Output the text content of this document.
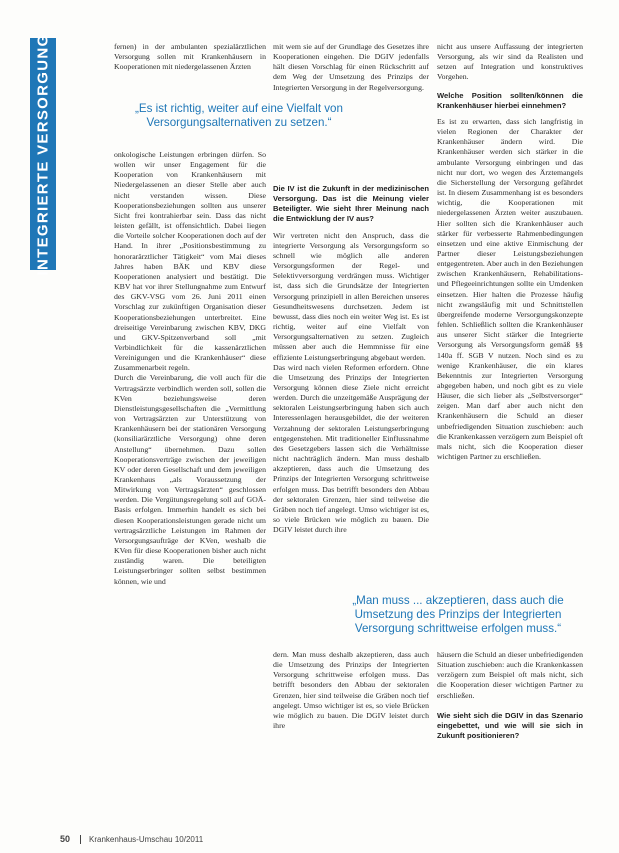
INTEGRIERTE VERSORGUNG	fernen) in der ambulanten spezialärztlichen Versorgung sollen mit Krankenhäusern in Kooperationen mit niedergelassenen Ärzten

„Es ist richtig, weiter auf eine Vielfalt von Versorgungsalternativen zu setzen.“

onkologische Leistungen erbringen dürfen. So wollen wir unser Engagement für die Kooperation von Krankenhäusern mit Niedergelassenen an dieser Stelle aber auch nicht verstanden wissen. Diese Kooperationsbeziehungen sollten aus unserer Sicht frei kontrahierbar sein. Dass das nicht leisten gefällt, ist offensichtlich. Dabei liegen die Vorteile solcher Kooperationen doch auf der Hand. In ihrer „Positionsbestimmung zu honorarärztlicher Tätigkeit“ vom Mai dieses Jahres haben BÄK und KBV diese Kooperationen analysiert und bestätigt. Die KBV hat vor ihrer Stellungnahme zum Entwurf des GKV-VSG vom 26. Juni 2011 einen Vorschlag zur zukünftigen Organisation dieser Kooperationsbeziehungen unterbreitet. Eine dreiseitige Vereinbarung zwischen KBV, DKG und GKV-Spitzenverband soll „mit Verbindlichkeit für die kassenärztlichen Vereinigungen und die Krankenhäuser“ diese Zusammenarbeit regeln.

Durch die Vereinbarung, die voll auch für die Vertragsärzte verbindlich werden soll, sollen die KVen beziehungsweise deren Dienstleistungsgesellschaften die „Vermittlung von Vertragsärzten zur Unterstützung von Krankenhäusern bei der stationären Versorgung (konsiliarärztliche Versorgung) ohne deren Anstellung“ übernehmen. Dazu sollen Kooperationsverträge zwischen der jeweiligen KV oder deren Gesellschaft und dem jeweiligen Krankenhaus „als Voraussetzung der Mitwirkung von Vertragsärzten“ geschlossen werden. Die Vergütungsregelung soll auf GOÄ-Basis erfolgen. Immerhin handelt es sich bei diesen Kooperationsleistungen gerade nicht um vertragsärztliche Leistungen im Rahmen der Versorgungsaufträge der KVen, weshalb die KVen für diese Kooperationen bisher auch nicht zuständig waren. Die beteiligten Leistungserbringer sollten selbst bestimmen können, wie und

mit wem sie auf der Grundlage des Gesetzes ihre Kooperationen eingehen. Die DGIV jedenfalls hält diesen Vorschlag für einen Rückschritt auf dem Weg der Umsetzung des Prinzips der Integrierten Versorgung in der Regelversorgung.

Die IV ist die Zukunft in der medizinischen Versorgung. Das ist die Meinung vieler Beteiligter. Wie sieht Ihrer Meinung nach die Entwicklung der IV aus?

Wir vertreten nicht den Anspruch, dass die integrierte Versorgung als Versorgungsform so schnell wie möglich alle anderen Versorgungsformen der Regel- und Selektivversorgung verdrängen muss. Wichtiger ist, dass sich die Grundsätze der Integrierten Versorgung prinzipiell in allen Bereichen unseres Gesundheitswesens durchsetzen. Jedem ist bewusst, dass dies noch ein weiter Weg ist. Es ist richtig, weiter auf eine Vielfalt von Versorgungsalternativen zu setzen. Zugleich müssen aber auch die Hemmnisse für eine effiziente Leistungserbringung abgebaut werden.

Das wird nach vielen Reformen erfordern. Ohne die Umsetzung des Prinzips der Integrierten Versorgung können diese Ziele nicht erreicht werden. Durch die unzeitgemäße Ausprägung der sektoralen Leistungserbringung haben sich auch Interessenlagen herausgebildet, die der weiteren Verzahnung der sektoralen Leistungserbringung entgegenstehen. Mit traditioneller Einflussnahme des Gesetzgebers lassen sich die Verhältnisse nicht nachträglich ändern. Man muss deshalb akzeptieren, dass auch die Umsetzung des Prinzips der Integrierten Versorgung schrittweise erfolgen muss. Das betrifft besonders den Abbau der sektoralen Grenzen, hier sind teilweise die Gräben noch tief angelegt. Umso wichtiger ist es, so viele Brücken wie möglich zu bauen. Die DGIV leistet durch ihre

dern. Man muss deshalb akzeptieren, dass auch die Umsetzung des Prinzips der Integrierten Versorgung schrittweise erfolgen muss. Das betrifft besonders den Abbau der sektoralen Grenzen, hier sind teilweise die Gräben noch tief angelegt. Umso wichtiger ist es, so viele Brücken wie möglich zu bauen. Die DGIV leistet durch ihre

„Man muss ... akzeptieren, dass auch die Umsetzung des Prinzips der Integrierten Versorgung schrittweise erfolgen muss.“

nicht aus unsere Auffassung der integrierten Versorgung, als wir sind da Realisten und setzen auf Integration und konstruktives Vorgehen.

Welche Position sollten/können die Krankenhäuser hierbei einnehmen?

Es ist zu erwarten, dass sich langfristig in vielen Regionen der Charakter der Krankenhäuser ändern wird. Die Krankenhäuser werden sich stärker in die ambulante Versorgung einbringen und das nicht nur dort, wo wegen des Ärztemangels die Sicherstellung der Versorgung gefährdet ist. In diesem Zusammenhang ist es besonders wichtig, die Kooperationen mit niedergelassenen Ärzten weiter auszubauen. Hier sollten sich die Krankenhäuser auch stärker für verbesserte Rahmenbedingungen einsetzen und eine aktive Einmischung der Partner dieser Leistungsbeziehungen entgegentreten. Aber auch in den Beziehungen zwischen Krankenhäusern, Rehabilitations- und Pflegeeinrichtungen sollte ein Umdenken einsetzen. Hier halten die Prozesse häufig nicht zwangsläufig mit und Schnittstellen übergreifende moderne Versorgungskonzepte fehlen. Schließlich sollten die Krankenhäuser aus unserer Sicht stärker die Integrierte Versorgung als Versorgungsform gemäß §§ 140a ff. SGB V nutzen. Noch sind es zu wenige Krankenhäuser, die ein klares Bekenntnis zur Integrierten Versorgung abgegeben haben, und noch gibt es zu viele Häuser, die sich lieber als „Selbstversorger“ zeigen. Man darf aber auch nicht den Krankenhäusern die Schuld an dieser unbefriedigenden Situation zuschieben: auch die Krankenkassen verzögern zum Beispiel oft mals nicht, sich die Kooperation dieser wichtigen Partner zu erschließen.

häusern die Schuld an dieser unbefriedigenden Situation zuschieben: auch die Krankenkassen verzögern zum Beispiel oft mals nicht, sich die Kooperation dieser wichtigen Partner zu erschließen.

Wie sieht sich die DGIV in das Szenario eingebettet, und wie will sie sich in Zukunft positionieren?

50 Krankenhaus-Umschau 10/2011
